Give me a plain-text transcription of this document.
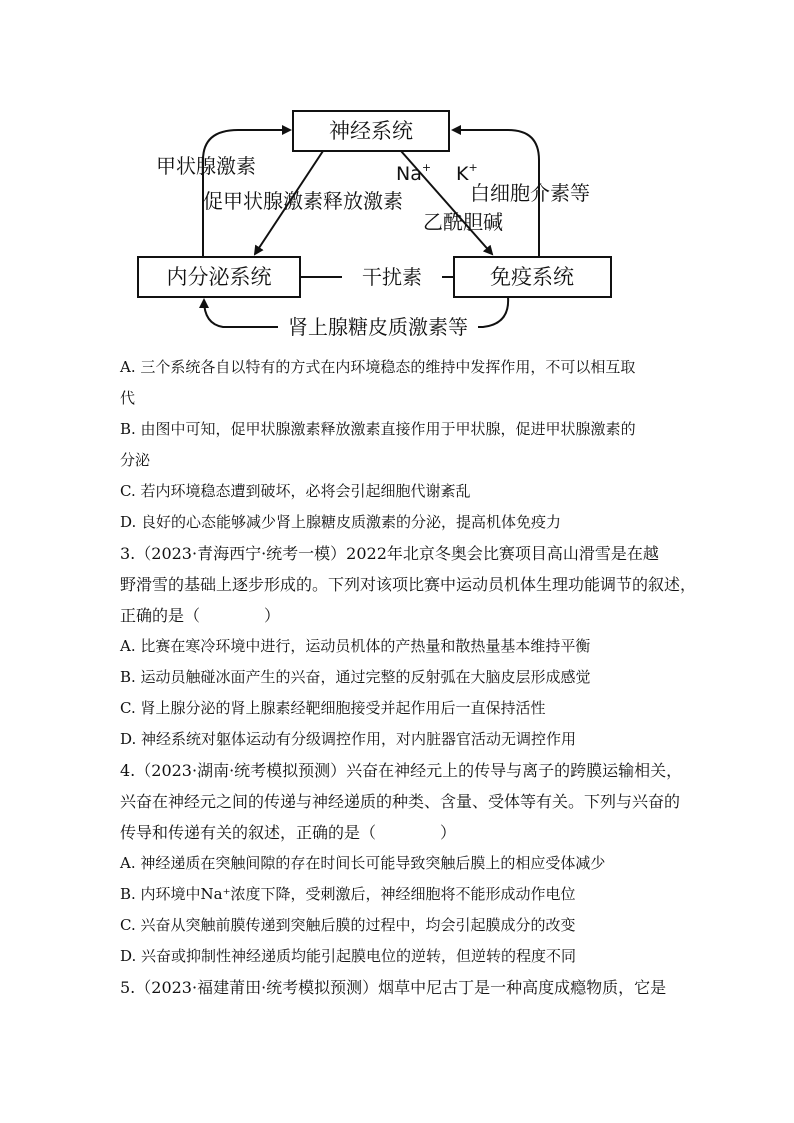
神经系统
内分泌系统	免疫系统
甲状腺激素
促甲状腺激素释放激素
Na+ K+
白细胞介素等
乙酰胆碱
干扰素
肾上腺糖皮质激素等
A. 三个系统各自以特有的方式在内环境稳态的维持中发挥作用，不可以相互取
代
B. 由图中可知，促甲状腺激素释放激素直接作用于甲状腺，促进甲状腺激素的
分泌
C. 若内环境稳态遭到破坏，必将会引起细胞代谢紊乱
D. 良好的心态能够减少肾上腺糖皮质激素的分泌，提高机体免疫力
3.（2023·青海西宁·统考一模）2022年北京冬奥会比赛项目高山滑雪是在越
野滑雪的基础上逐步形成的。下列对该项比赛中运动员机体生理功能调节的叙述，
正确的是（　　　　）
A. 比赛在寒冷环境中进行，运动员机体的产热量和散热量基本维持平衡
B. 运动员触碰冰面产生的兴奋，通过完整的反射弧在大脑皮层形成感觉
C. 肾上腺分泌的肾上腺素经靶细胞接受并起作用后一直保持活性
D. 神经系统对躯体运动有分级调控作用，对内脏器官活动无调控作用
4.（2023·湖南·统考模拟预测）兴奋在神经元上的传导与离子的跨膜运输相关，
兴奋在神经元之间的传递与神经递质的种类、含量、受体等有关。下列与兴奋的
传导和传递有关的叙述，正确的是（　　　　）
A. 神经递质在突触间隙的存在时间长可能导致突触后膜上的相应受体减少
B. 内环境中Na⁺浓度下降，受刺激后，神经细胞将不能形成动作电位
C. 兴奋从突触前膜传递到突触后膜的过程中，均会引起膜成分的改变
D. 兴奋或抑制性神经递质均能引起膜电位的逆转，但逆转的程度不同
5.（2023·福建莆田·统考模拟预测）烟草中尼古丁是一种高度成瘾物质，它是
